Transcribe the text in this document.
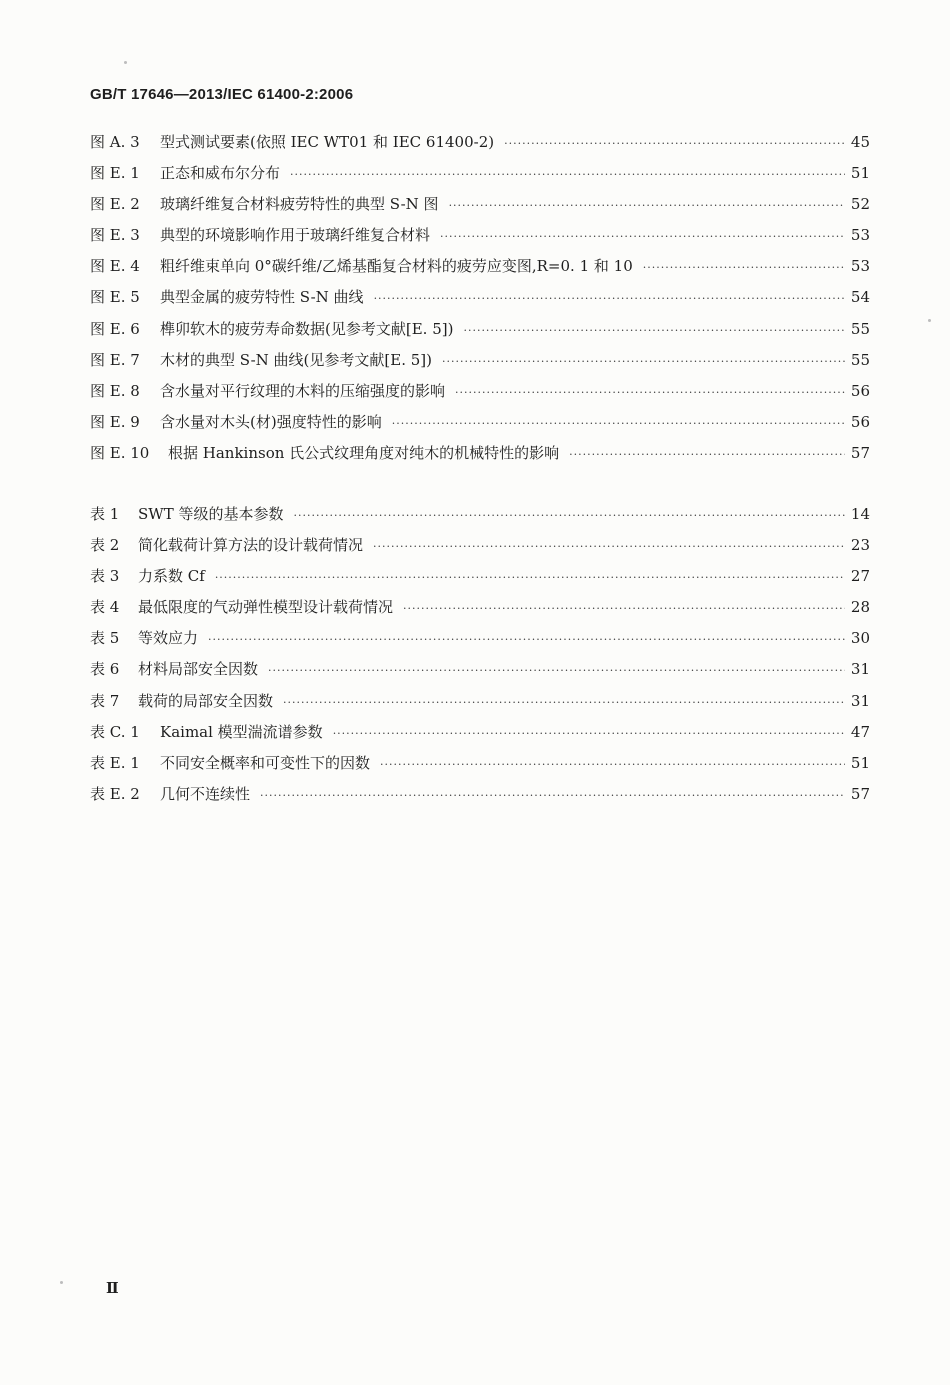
GB/T 17646—2013/IEC 61400-2:2006
图 A. 3	型式测试要素(依照 IEC WT01 和 IEC 61400-2) ·····	45
图 E. 1	正态和威布尔分布 ·····	51
图 E. 2	玻璃纤维复合材料疲劳特性的典型 S-N 图 ·····	52
图 E. 3	典型的环境影响作用于玻璃纤维复合材料 ·····	53
图 E. 4	粗纤维束单向 0°碳纤维/乙烯基酯复合材料的疲劳应变图,R=0. 1 和 10 ·····	53
图 E. 5	典型金属的疲劳特性 S-N 曲线 ·····	54
图 E. 6	榫卯软木的疲劳寿命数据(见参考文献[E. 5]) ·····	55
图 E. 7	木材的典型 S-N 曲线(见参考文献[E. 5]) ·····	55
图 E. 8	含水量对平行纹理的木料的压缩强度的影响 ·····	56
图 E. 9	含水量对木头(材)强度特性的影响 ·····	56
图 E. 10	根据 Hankinson 氏公式纹理角度对纯木的机械特性的影响 ·····	57
表 1	SWT 等级的基本参数 ·····	14
表 2	简化载荷计算方法的设计载荷情况 ·····	23
表 3	力系数 Cf ·····	27
表 4	最低限度的气动弹性模型设计载荷情况 ·····	28
表 5	等效应力 ·····	30
表 6	材料局部安全因数 ·····	31
表 7	载荷的局部安全因数 ·····	31
表 C. 1	Kaimal 模型湍流谱参数 ·····	47
表 E. 1	不同安全概率和可变性下的因数 ·····	51
表 E. 2	几何不连续性 ·····	57
Ⅱ
